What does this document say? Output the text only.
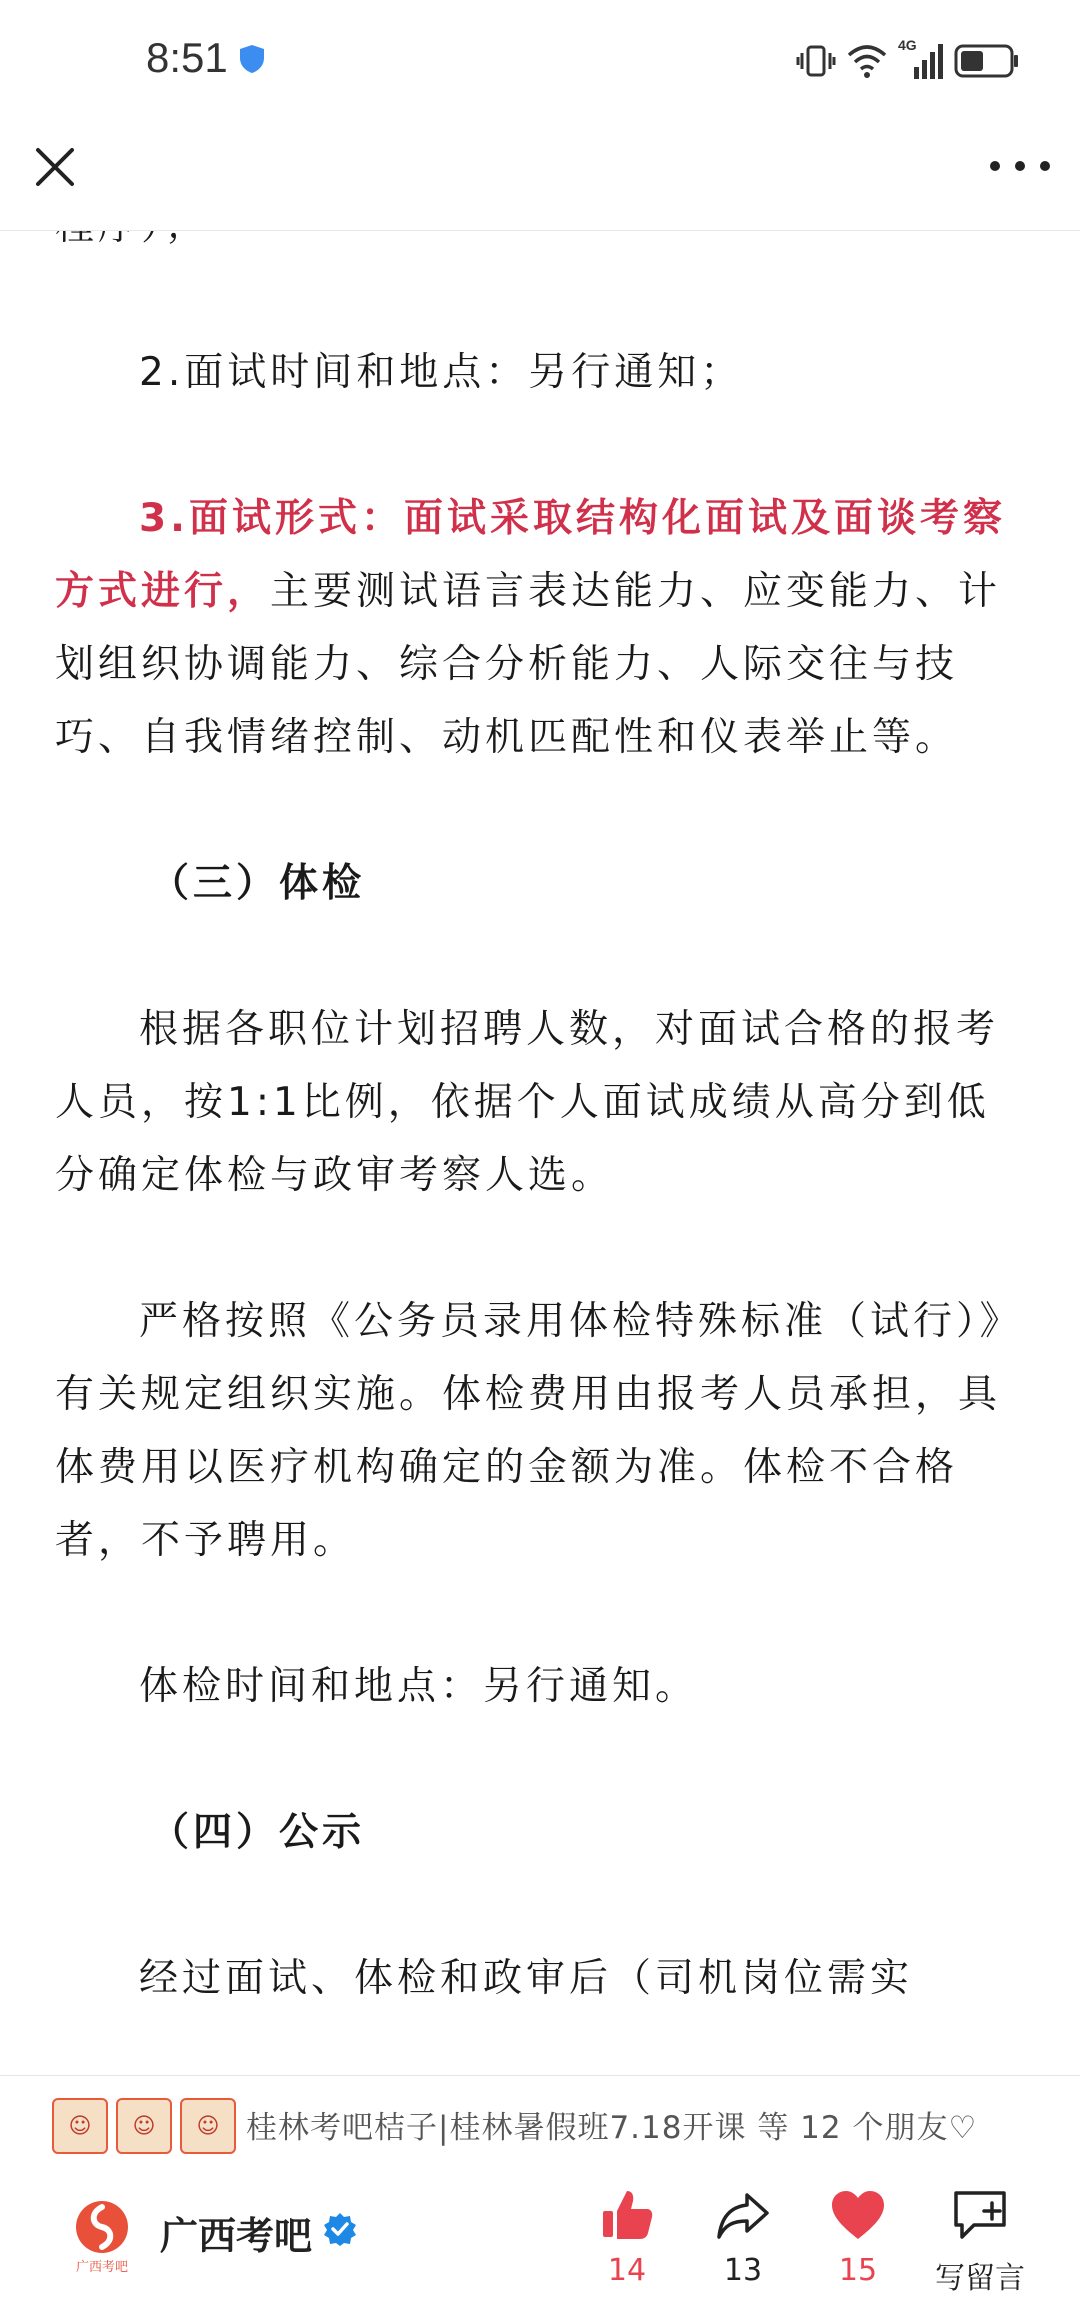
8:51	4G

2.面试时间和地点：另行通知；

3.面试形式：面试采取结构化面试及面谈考察方式进行，主要测试语言表达能力、应变能力、计划组织协调能力、综合分析能力、人际交往与技巧、自我情绪控制、动机匹配性和仪表举止等。

（三）体检

根据各职位计划招聘人数，对面试合格的报考人员，按1:1比例，依据个人面试成绩从高分到低分确定体检与政审考察人选。

严格按照《公务员录用体检特殊标准（试行）》有关规定组织实施。体检费用由报考人员承担，具体费用以医疗机构确定的金额为准。体检不合格者，不予聘用。

体检时间和地点：另行通知。

（四）公示

经过面试、体检和政审后（司机岗位需实

☺	☺	☺ 桂林考吧桔子|桂林暑假班7.18开课 等 12 个朋友♡
广西考吧
广西考吧
14	13	15	写留言
